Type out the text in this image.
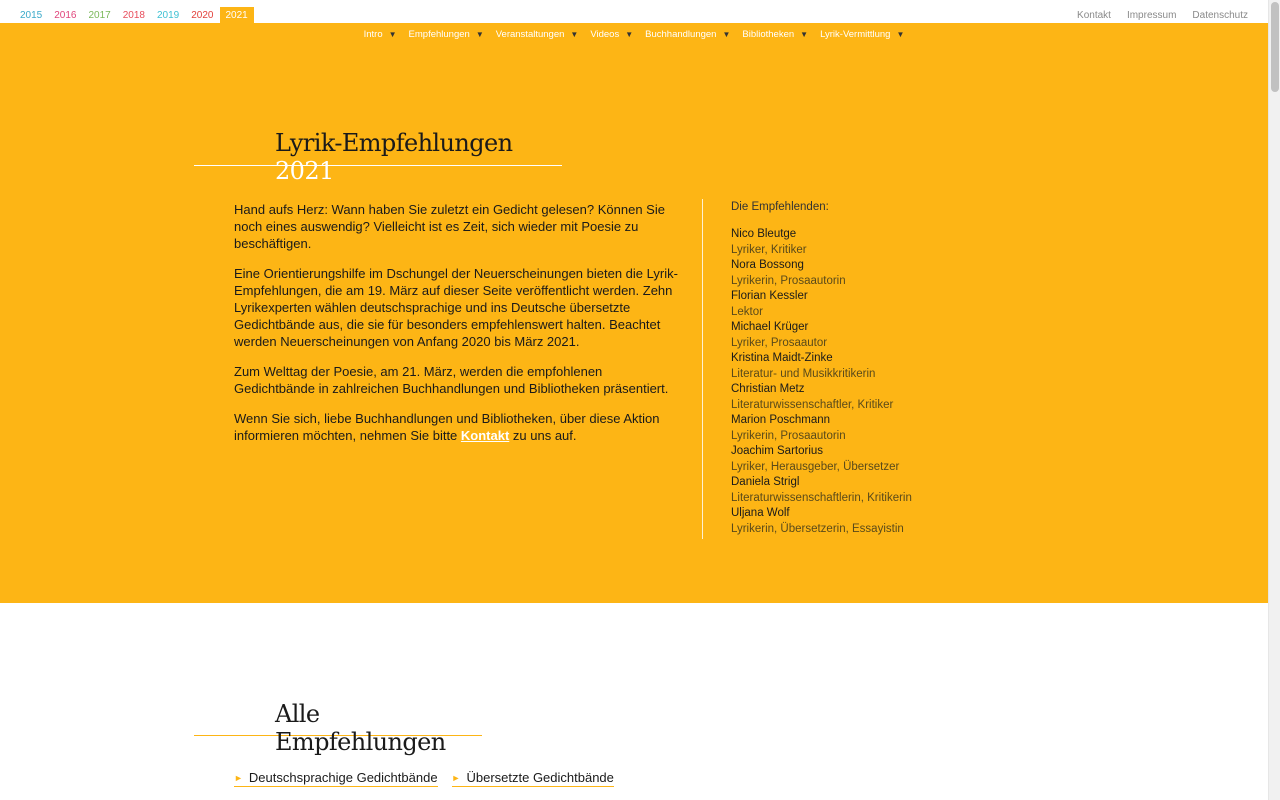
2015	2016	2017	2018	2019	2020	2021	Kontakt Impressum Datenschutz
Intro ▼ Empfehlungen ▼ Veranstaltungen ▼ Videos ▼ Buchhandlungen ▼ Bibliotheken ▼ Lyrik-Vermittlung ▼
Lyrik-Empfehlungen 2021

Hand aufs Herz: Wann haben Sie zuletzt ein Gedicht gelesen? Können Sie noch eines auswendig? Vielleicht ist es Zeit, sich wieder mit Poesie zu beschäftigen.

Eine Orientierungshilfe im Dschungel der Neuerscheinungen bieten die Lyrik-Empfehlungen, die am 19. März auf dieser Seite veröffentlicht werden. Zehn Lyrikexperten wählen deutschsprachige und ins Deutsche übersetzte Gedichtbände aus, die sie für besonders empfehlenswert halten. Beachtet werden Neuerscheinungen von Anfang 2020 bis März 2021.

Zum Welttag der Poesie, am 21. März, werden die empfohlenen Gedichtbände in zahlreichen Buchhandlungen und Bibliotheken präsentiert.

Wenn Sie sich, liebe Buchhandlungen und Bibliotheken, über diese Aktion informieren möchten, nehmen Sie bitte Kontakt zu uns auf.

Die Empfehlenden:
Nico Bleutge
Lyriker, Kritiker
Nora Bossong
Lyrikerin, Prosaautorin
Florian Kessler
Lektor
Michael Krüger
Lyriker, Prosaautor
Kristina Maidt-Zinke
Literatur- und Musikkritikerin
Christian Metz
Literaturwissenschaftler, Kritiker
Marion Poschmann
Lyrikerin, Prosaautorin
Joachim Sartorius
Lyriker, Herausgeber, Übersetzer
Daniela Strigl
Literaturwissenschaftlerin, Kritikerin
Uljana Wolf
Lyrikerin, Übersetzerin, Essayistin
Alle Empfehlungen
► Deutschsprachige Gedichtbände ► Übersetzte Gedichtbände
